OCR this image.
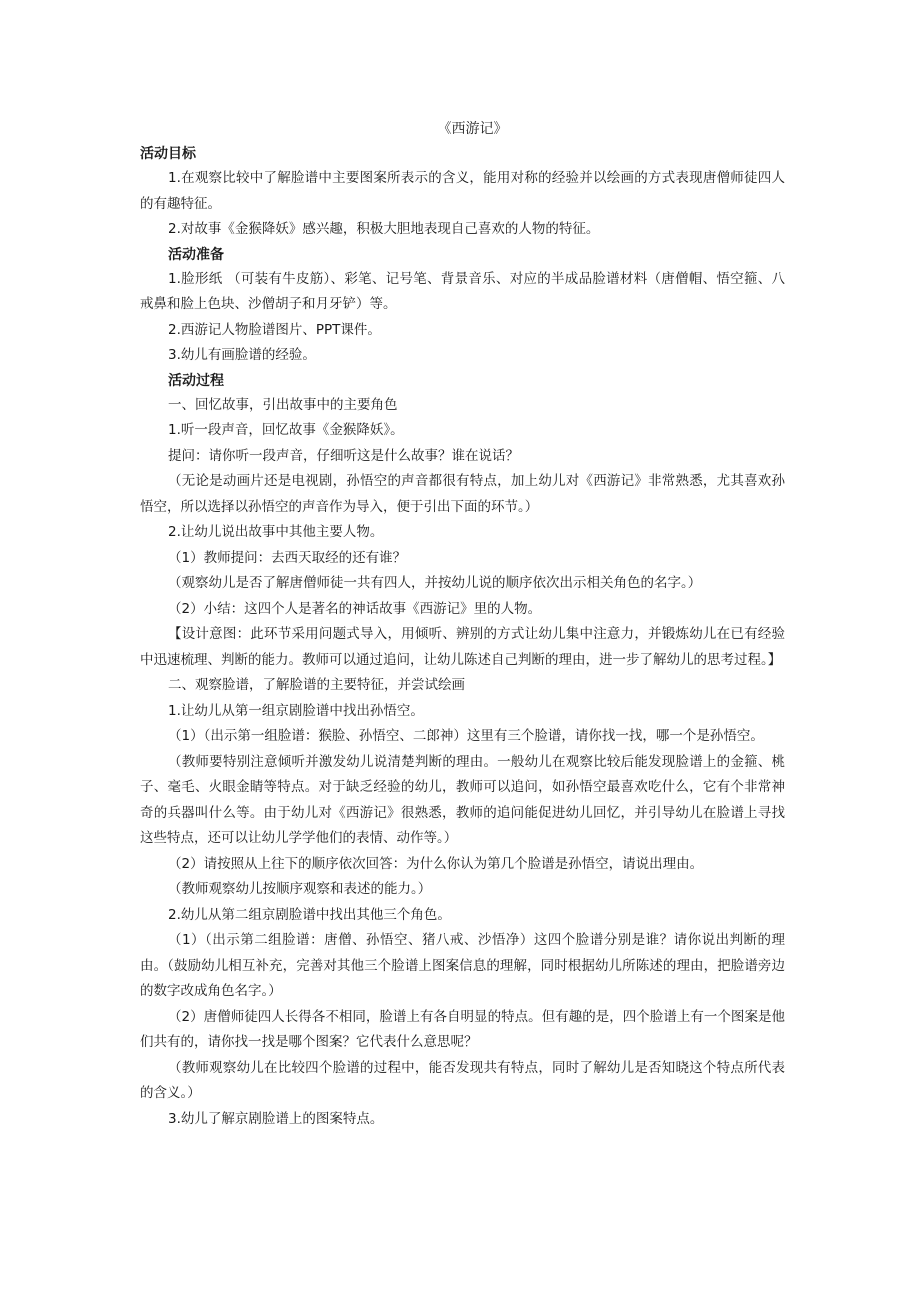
《西游记》

活动目标

1.在观察比较中了解脸谱中主要图案所表示的含义，能用对称的经验并以绘画的方式表现唐僧师徒四人的有趣特征。

2.对故事《金猴降妖》感兴趣，积极大胆地表现自己喜欢的人物的特征。

活动准备

1.脸形纸 （可装有牛皮筋）、彩笔、记号笔、背景音乐、对应的半成品脸谱材料（唐僧帽、悟空箍、八戒鼻和脸上色块、沙僧胡子和月牙铲）等。

2.西游记人物脸谱图片、PPT课件。

3.幼儿有画脸谱的经验。

活动过程

一、回忆故事，引出故事中的主要角色

1.听一段声音，回忆故事《金猴降妖》。

提问：请你听一段声音，仔细听这是什么故事？谁在说话？

（无论是动画片还是电视剧，孙悟空的声音都很有特点，加上幼儿对《西游记》非常熟悉，尤其喜欢孙悟空，所以选择以孙悟空的声音作为导入，便于引出下面的环节。）

2.让幼儿说出故事中其他主要人物。

（1）教师提问：去西天取经的还有谁？

（观察幼儿是否了解唐僧师徒一共有四人，并按幼儿说的顺序依次出示相关角色的名字。）

（2）小结：这四个人是著名的神话故事《西游记》里的人物。

【设计意图：此环节采用问题式导入，用倾听、辨别的方式让幼儿集中注意力，并锻炼幼儿在已有经验中迅速梳理、判断的能力。教师可以通过追问，让幼儿陈述自己判断的理由，进一步了解幼儿的思考过程。】

二、观察脸谱，了解脸谱的主要特征，并尝试绘画

1.让幼儿从第一组京剧脸谱中找出孙悟空。

（1）（出示第一组脸谱：猴脸、孙悟空、二郎神）这里有三个脸谱，请你找一找，哪一个是孙悟空。

（教师要特别注意倾听并激发幼儿说清楚判断的理由。一般幼儿在观察比较后能发现脸谱上的金箍、桃子、毫毛、火眼金睛等特点。对于缺乏经验的幼儿，教师可以追问，如孙悟空最喜欢吃什么，它有个非常神奇的兵器叫什么等。由于幼儿对《西游记》很熟悉，教师的追问能促进幼儿回忆，并引导幼儿在脸谱上寻找这些特点，还可以让幼儿学学他们的表情、动作等。）

（2）请按照从上往下的顺序依次回答：为什么你认为第几个脸谱是孙悟空，请说出理由。

（教师观察幼儿按顺序观察和表述的能力。）

2.幼儿从第二组京剧脸谱中找出其他三个角色。

（1）（出示第二组脸谱：唐僧、孙悟空、猪八戒、沙悟净）这四个脸谱分别是谁？请你说出判断的理由。（鼓励幼儿相互补充，完善对其他三个脸谱上图案信息的理解，同时根据幼儿所陈述的理由，把脸谱旁边的数字改成角色名字。）

（2）唐僧师徒四人长得各不相同，脸谱上有各自明显的特点。但有趣的是，四个脸谱上有一个图案是他们共有的，请你找一找是哪个图案？它代表什么意思呢？

（教师观察幼儿在比较四个脸谱的过程中，能否发现共有特点，同时了解幼儿是否知晓这个特点所代表的含义。）

3.幼儿了解京剧脸谱上的图案特点。
